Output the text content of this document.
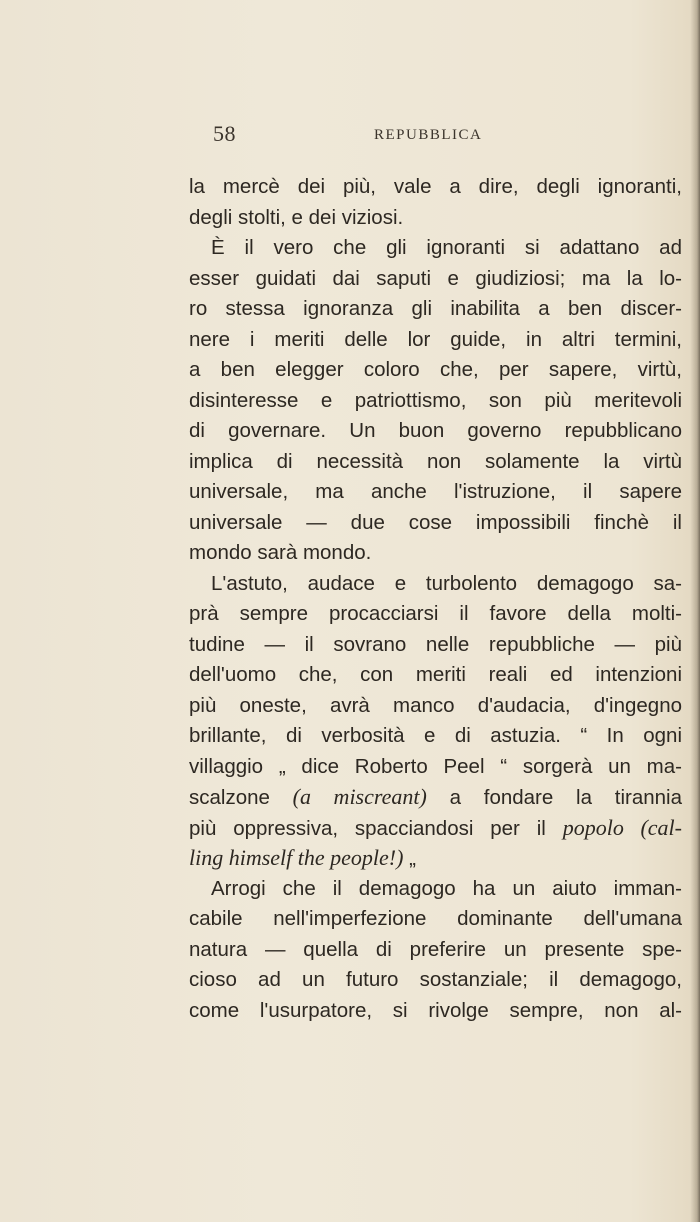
58	REPUBBLICA
la mercè dei più, vale a dire, degli ignoranti,
degli stolti, e dei viziosi.
È il vero che gli ignoranti si adattano ad
esser guidati dai saputi e giudiziosi; ma la lo-
ro stessa ignoranza gli inabilita a ben discer-
nere i meriti delle lor guide, in altri termini,
a ben elegger coloro che, per sapere, virtù,
disinteresse e patriottismo, son più meritevoli
di governare. Un buon governo repubblicano
implica di necessità non solamente la virtù
universale, ma anche l'istruzione, il sapere
universale — due cose impossibili finchè il
mondo sarà mondo.
L'astuto, audace e turbolento demagogo sa-
prà sempre procacciarsi il favore della molti-
tudine — il sovrano nelle repubbliche — più
dell'uomo che, con meriti reali ed intenzioni
più oneste, avrà manco d'audacia, d'ingegno
brillante, di verbosità e di astuzia. “ In ogni
villaggio „ dice Roberto Peel “ sorgerà un ma-
scalzone (a miscreant) a fondare la tirannia
più oppressiva, spacciandosi per il popolo (cal-
ling himself the people!) „
Arrogi che il demagogo ha un aiuto imman-
cabile nell'imperfezione dominante dell'umana
natura — quella di preferire un presente spe-
cioso ad un futuro sostanziale; il demagogo,
come l'usurpatore, si rivolge sempre, non al-
